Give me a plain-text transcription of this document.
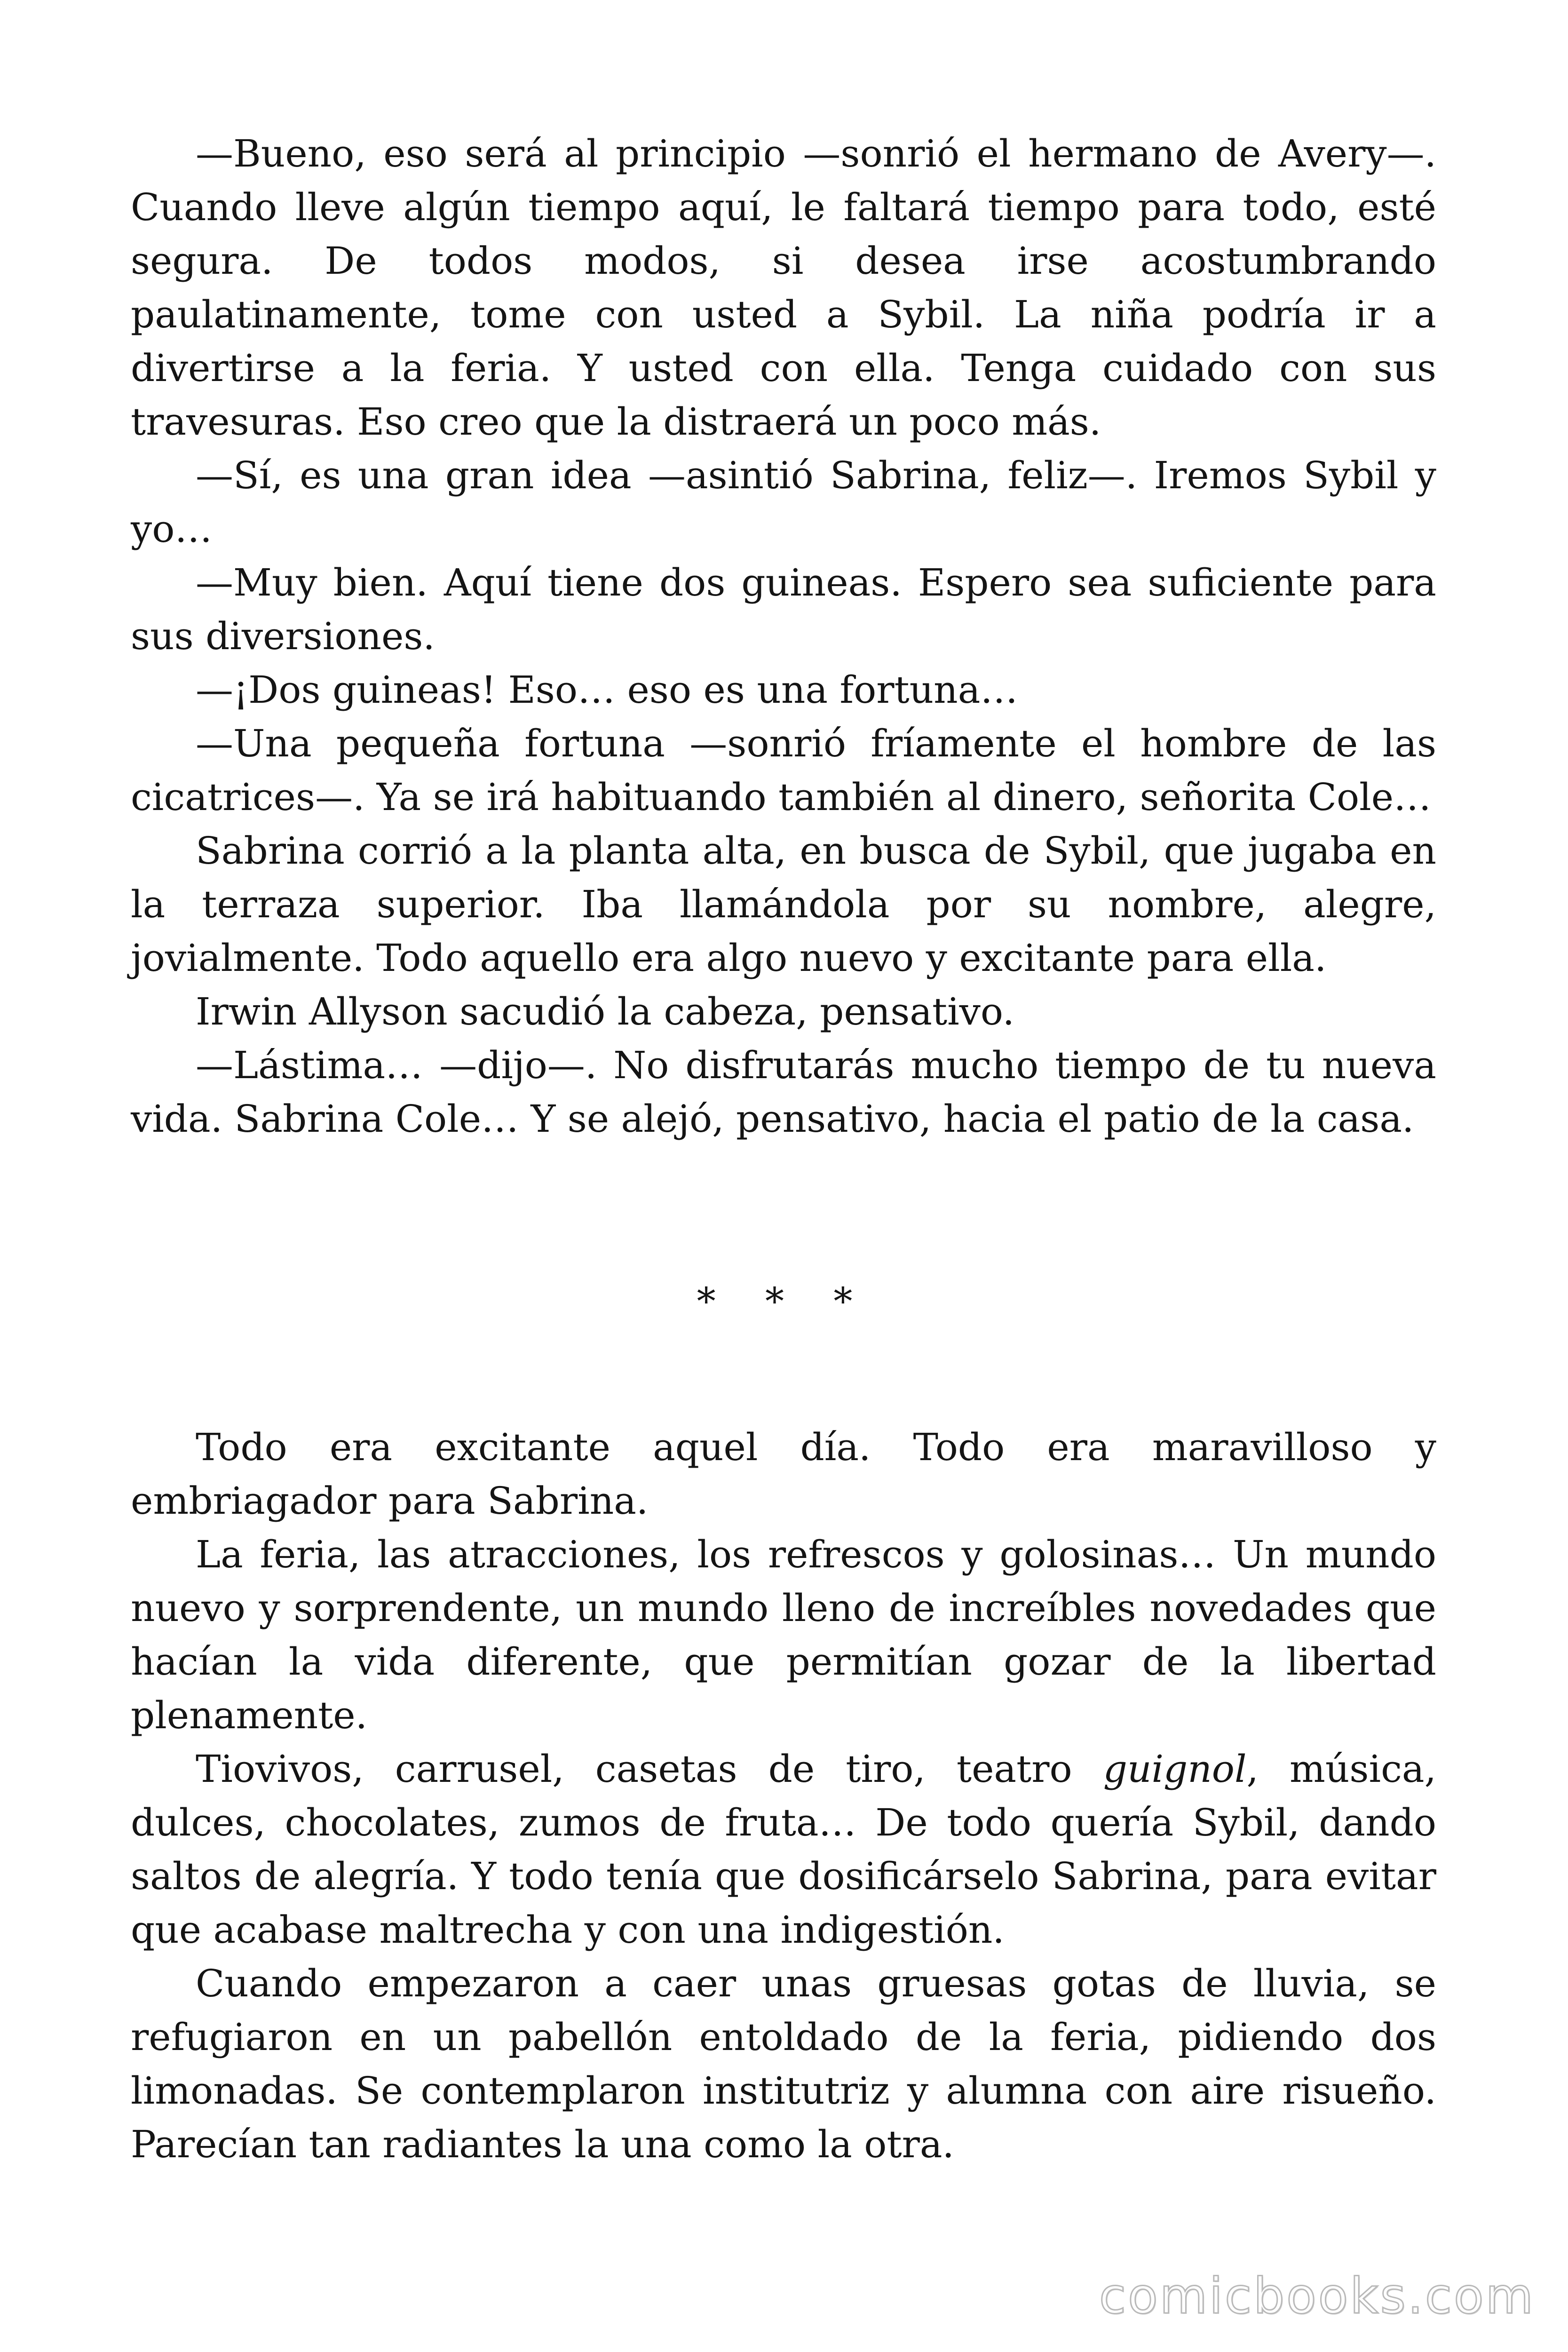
—Bueno, eso será al principio —sonrió el hermano de Avery—. Cuando lleve algún tiempo aquí, le faltará tiempo para todo, esté segura. De todos modos, si desea irse acostumbrando paulatinamente, tome con usted a Sybil. La niña podría ir a divertirse a la feria. Y usted con ella. Tenga cuidado con sus travesuras. Eso creo que la distraerá un poco más.

—Sí, es una gran idea —asintió Sabrina, feliz—. Iremos Sybil y yo…

—Muy bien. Aquí tiene dos guineas. Espero sea suficiente para sus diversiones.

—¡Dos guineas! Eso… eso es una fortuna…

—Una pequeña fortuna —sonrió fríamente el hombre de las cicatrices—. Ya se irá habituando también al dinero, señorita Cole…

Sabrina corrió a la planta alta, en busca de Sybil, que jugaba en la terraza superior. Iba llamándola por su nombre, alegre, jovialmente. Todo aquello era algo nuevo y excitante para ella.

Irwin Allyson sacudió la cabeza, pensativo.

—Lástima… —dijo—. No disfrutarás mucho tiempo de tu nueva vida. Sabrina Cole… Y se alejó, pensativo, hacia el patio de la casa.

* * *

Todo era excitante aquel día. Todo era maravilloso y embriagador para Sabrina.

La feria, las atracciones, los refrescos y golosinas… Un mundo nuevo y sorprendente, un mundo lleno de increíbles novedades que hacían la vida diferente, que permitían gozar de la libertad plenamente.

Tiovivos, carrusel, casetas de tiro, teatro guignol, música, dulces, chocolates, zumos de fruta… De todo quería Sybil, dando saltos de alegría. Y todo tenía que dosificárselo Sabrina, para evitar que acabase maltrecha y con una indigestión.

Cuando empezaron a caer unas gruesas gotas de lluvia, se refugiaron en un pabellón entoldado de la feria, pidiendo dos limonadas. Se contemplaron institutriz y alumna con aire risueño. Parecían tan radiantes la una como la otra.

comicbooks.com
